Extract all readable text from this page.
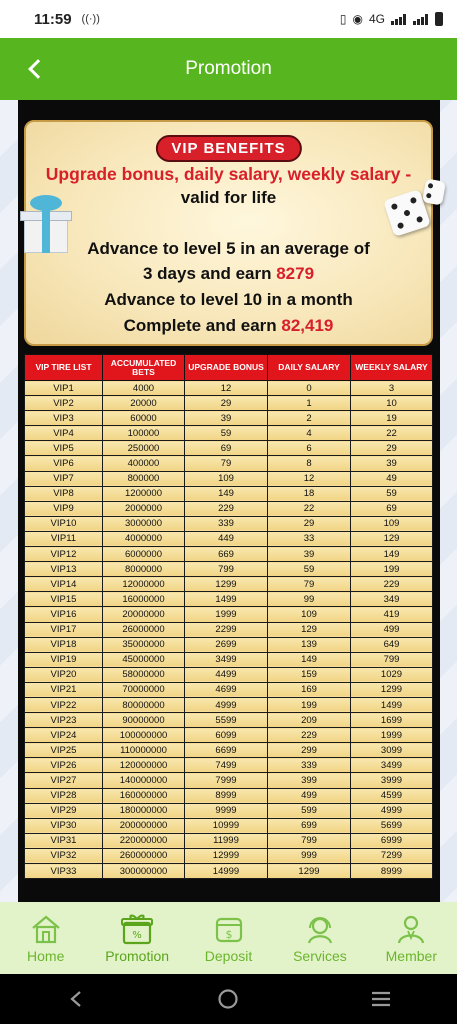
11:59 ((·))	▯ ◉ 4G
Promotion
VIP BENEFITS
Upgrade bonus, daily salary, weekly salary -
valid for life
Advance to level 5 in an average of
3 days and earn 8279
Advance to level 10 in a month
Complete and earn 82,419
VIP TIRE LIST	ACCUMULATED BETS	UPGRADE BONUS	DAILY SALARY	WEEKLY SALARY
VIP1	4000	12	0	3
VIP2	20000	29	1	10
VIP3	60000	39	2	19
VIP4	100000	59	4	22
VIP5	250000	69	6	29
VIP6	400000	79	8	39
VIP7	800000	109	12	49
VIP8	1200000	149	18	59
VIP9	2000000	229	22	69
VIP10	3000000	339	29	109
VIP11	4000000	449	33	129
VIP12	6000000	669	39	149
VIP13	8000000	799	59	199
VIP14	12000000	1299	79	229
VIP15	16000000	1499	99	349
VIP16	20000000	1999	109	419
VIP17	26000000	2299	129	499
VIP18	35000000	2699	139	649
VIP19	45000000	3499	149	799
VIP20	58000000	4499	159	1029
VIP21	70000000	4699	169	1299
VIP22	80000000	4999	199	1499
VIP23	90000000	5599	209	1699
VIP24	100000000	6099	229	1999
VIP25	110000000	6699	299	3099
VIP26	120000000	7499	339	3499
VIP27	140000000	7999	399	3999
VIP28	160000000	8999	499	4599
VIP29	180000000	9999	599	4999
VIP30	200000000	10999	699	5699
VIP31	220000000	11999	799	6999
VIP32	260000000	12999	999	7299
VIP33	300000000	14999	1299	8999
Home
%
Promotion
$
Deposit	Services	Member
